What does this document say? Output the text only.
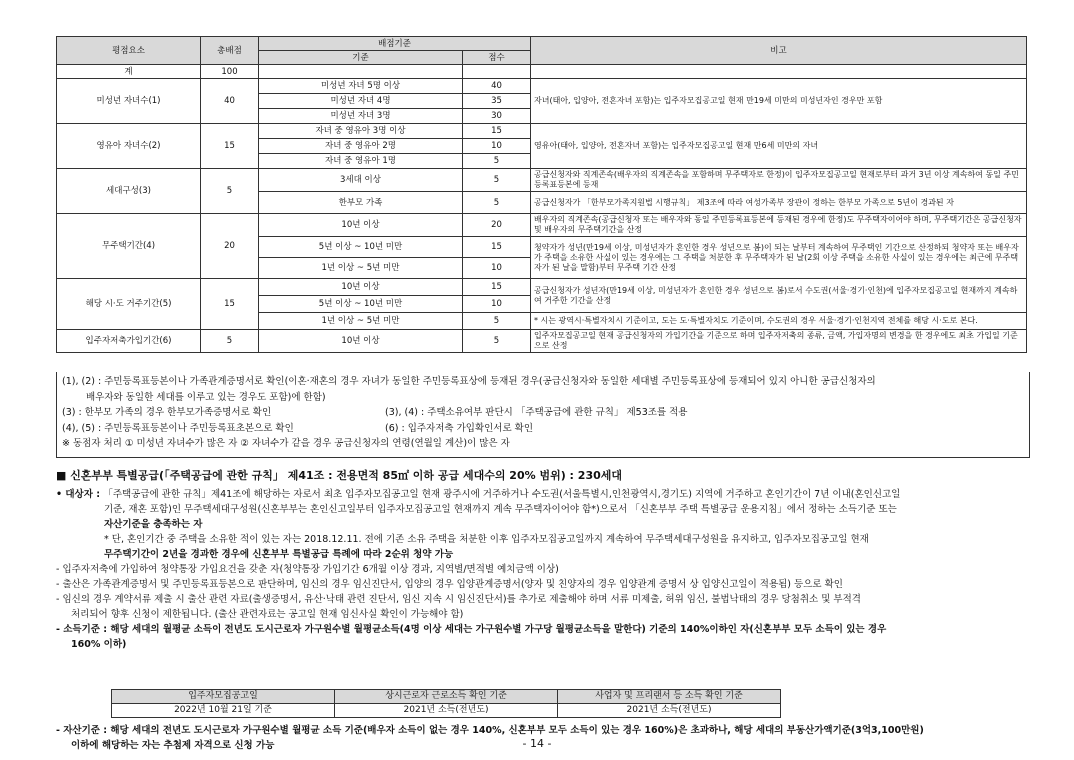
평점요소	총배점	배점기준		비고
		기준	점수	
계	100			
미성년 자녀수(1)	40	미성년 자녀 5명 이상	40	자녀(태아, 입양아, 전혼자녀 포함)는 입주자모집공고일 현재 만19세 미만의 미성년자인 경우만 포함
		미성년 자녀 4명	35	
		미성년 자녀 3명	30	
영유아 자녀수(2)	15	자녀 중 영유아 3명 이상	15	영유아(태아, 입양아, 전혼자녀 포함)는 입주자모집공고일 현재 만6세 미만의 자녀
		자녀 중 영유아 2명	10	
		자녀 중 영유아 1명	5	
세대구성(3)	5	3세대 이상	5	공급신청자와 직계존속(배우자의 직계존속을 포함하며 무주택자로 한정)이 입주자모집공고일 현재로부터 과거 3년 이상 계속하여 동일 주민등록표등본에 등재
		한부모 가족	5	공급신청자가 「한부모가족지원법 시행규칙」 제3조에 따라 여성가족부 장관이 정하는 한부모 가족으로 5년이 경과된 자
무주택기간(4)	20	10년 이상	20	배우자의 직계존속(공급신청자 또는 배우자와 동일 주민등록표등본에 등재된 경우에 한정)도 무주택자이어야 하며, 무주택기간은 공급신청자 및 배우자의 무주택기간을 산정
		5년 이상 ~ 10년 미만	15	청약자가 성년(만19세 이상, 미성년자가 혼인한 경우 성년으로 봄)이 되는 날부터 계속하여 무주택인 기간으로 산정하되 청약자 또는 배우자가 주택을 소유한 사실이 있는 경우에는 그 주택을 처분한 후 무주택자가 된 날(2회 이상 주택을 소유한 사실이 있는 경우에는 최근에 무주택자가 된 날을 말함)부터 무주택 기간 산정
		1년 이상 ~ 5년 미만	10	
해당 시·도 거주기간(5)	15	10년 이상	15	공급신청자가 성년자(만19세 이상, 미성년자가 혼인한 경우 성년으로 봄)로서 수도권(서울·경기·인천)에 입주자모집공고일 현재까지 계속하여 거주한 기간을 산정
		5년 이상 ~ 10년 미만	10	
		1년 이상 ~ 5년 미만	5	* 시는 광역시·특별자치시 기준이고, 도는 도·특별자치도 기준이며, 수도권의 경우 서울·경기·인천지역 전체를 해당 시·도로 본다.
입주자저축가입기간(6)	5	10년 이상	5	입주자모집공고일 현재 공급신청자의 가입기간을 기준으로 하며 입주자저축의 종류, 금액, 가입자명의 변경을 한 경우에도 최초 가입일 기준으로 산정
(1), (2) : 주민등록표등본이나 가족관계증명서로 확인(이혼·재혼의 경우 자녀가 동일한 주민등록표상에 등재된 경우(공급신청자와 동일한 세대별 주민등록표상에 등재되어 있지 아니한 공급신청자의
배우자와 동일한 세대를 이루고 있는 경우도 포함)에 한함)
(3) : 한부모 가족의 경우 한부모가족증명서로 확인	(3), (4) : 주택소유여부 판단시 「주택공급에 관한 규칙」 제53조를 적용
(4), (5) : 주민등록표등본이나 주민등록표초본으로 확인	(6) : 입주자저축 가입확인서로 확인
※ 동점자 처리 ① 미성년 자녀수가 많은 자 ② 자녀수가 같을 경우 공급신청자의 연령(연월일 계산)이 많은 자
■ 신혼부부 특별공급(「주택공급에 관한 규칙」 제41조 : 전용면적 85㎡ 이하 공급 세대수의 20% 범위) : 230세대
• 대상자 : 「주택공급에 관한 규칙」제41조에 해당하는 자로서 최초 입주자모집공고일 현재 광주시에 거주하거나 수도권(서울특별시,인천광역시,경기도) 지역에 거주하고 혼인기간이 7년 이내(혼인신고일
기준, 재혼 포함)인 무주택세대구성원(신혼부부는 혼인신고일부터 입주자모집공고일 현재까지 계속 무주택자이어야 함*)으로서 「신혼부부 주택 특별공급 운용지침」에서 정하는 소득기준 또는
자산기준을 충족하는 자
* 단, 혼인기간 중 주택을 소유한 적이 있는 자는 2018.12.11. 전에 기존 소유 주택을 처분한 이후 입주자모집공고일까지 계속하여 무주택세대구성원을 유지하고, 입주자모집공고일 현재
무주택기간이 2년을 경과한 경우에 신혼부부 특별공급 특례에 따라 2순위 청약 가능
- 입주자저축에 가입하여 청약통장 가입요건을 갖춘 자(청약통장 가입기간 6개월 이상 경과, 지역별/면적별 예치금액 이상)
- 출산은 가족관계증명서 및 주민등록표등본으로 판단하며, 임신의 경우 임신진단서, 입양의 경우 입양관계증명서(양자 및 친양자의 경우 입양관계 증명서 상 입양신고일이 적용됨) 등으로 확인
- 임신의 경우 계약서류 제출 시 출산 관련 자료(출생증명서, 유산·낙태 관련 진단서, 임신 지속 시 임신진단서)를 추가로 제출해야 하며 서류 미제출, 허위 임신, 불법낙태의 경우 당첨취소 및 부적격
처리되어 향후 신청이 제한됩니다. (출산 관련자료는 공고일 현재 임신사실 확인이 가능해야 함)
- 소득기준 : 해당 세대의 월평균 소득이 전년도 도시근로자 가구원수별 월평균소득(4명 이상 세대는 가구원수별 가구당 월평균소득을 말한다) 기준의 140%이하인 자(신혼부부 모두 소득이 있는 경우
160% 이하)
입주자모집공고일	상시근로자 근로소득 확인 기준	사업자 및 프리랜서 등 소득 확인 기준
2022년 10월 21일 기준	2021년 소득(전년도)	2021년 소득(전년도)
- 자산기준 : 해당 세대의 전년도 도시근로자 가구원수별 월평균 소득 기준(배우자 소득이 없는 경우 140%, 신혼부부 모두 소득이 있는 경우 160%)은 초과하나, 해당 세대의 부동산가액기준(3억3,100만원)
이하에 해당하는 자는 추첨제 자격으로 신청 가능	- 14 -
